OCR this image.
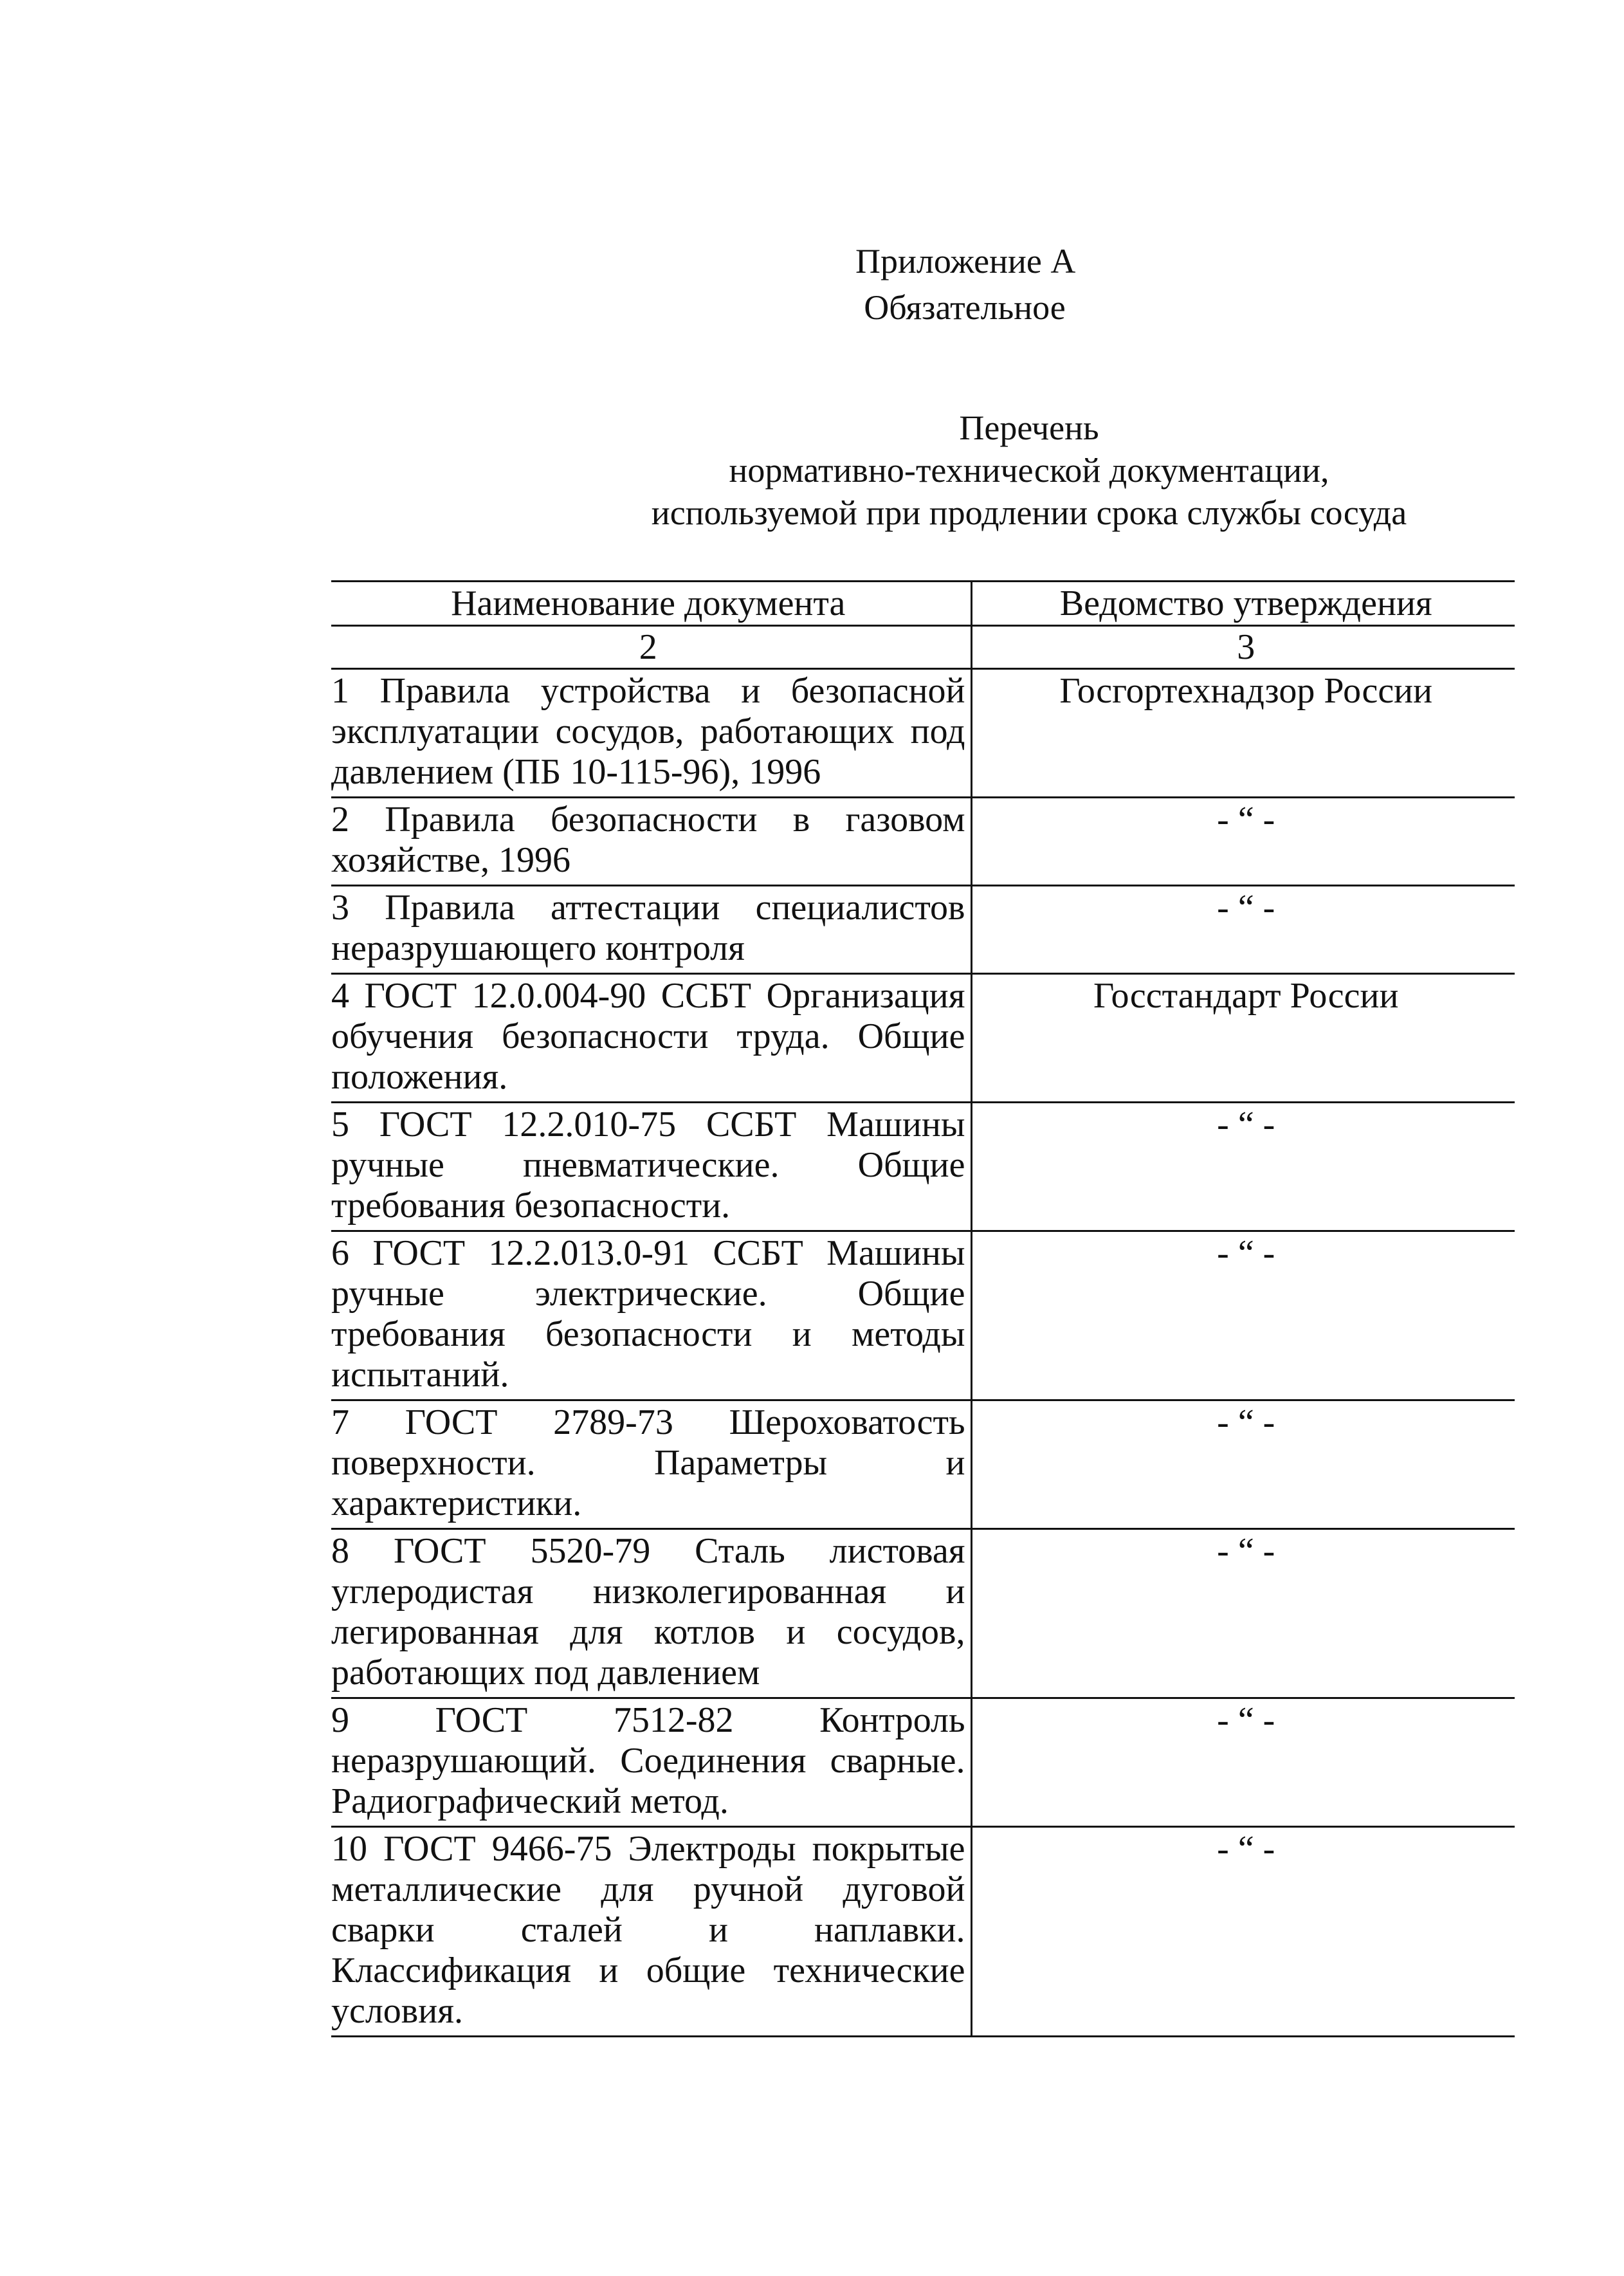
Приложение А
Обязательное
Перечень
нормативно-технической документации,
используемой при продлении срока службы сосуда
Наименование документа	Ведомство утверждения
2	3
1 Правила устройства и безопасной эксплуатации сосудов, работающих под давлением (ПБ 10-115-96), 1996	Госгортехнадзор России
2 Правила безопасности в газовом хозяйстве, 1996	- “ -
3 Правила аттестации специалистов неразрушающего контроля	- “ -
4 ГОСТ 12.0.004-90 ССБТ Организация обучения безопасности труда. Общие положения.	Госстандарт России
5 ГОСТ 12.2.010-75 ССБТ Машины ручные пневматические. Общие требования безопасности.	- “ -
6 ГОСТ 12.2.013.0-91 ССБТ Машины ручные электрические. Общие требования безопасности и методы испытаний.	- “ -
7 ГОСТ 2789-73 Шероховатость поверхности. Параметры и характеристики.	- “ -
8 ГОСТ 5520-79 Сталь листовая углеродистая низколегированная и легированная для котлов и сосудов, работающих под давлением	- “ -
9 ГОСТ 7512-82 Контроль неразрушающий. Соединения сварные. Радиографический метод.	- “ -
10 ГОСТ 9466-75 Электроды покрытые металлические для ручной дуговой сварки сталей и наплавки. Классификация и общие технические условия.	- “ -
